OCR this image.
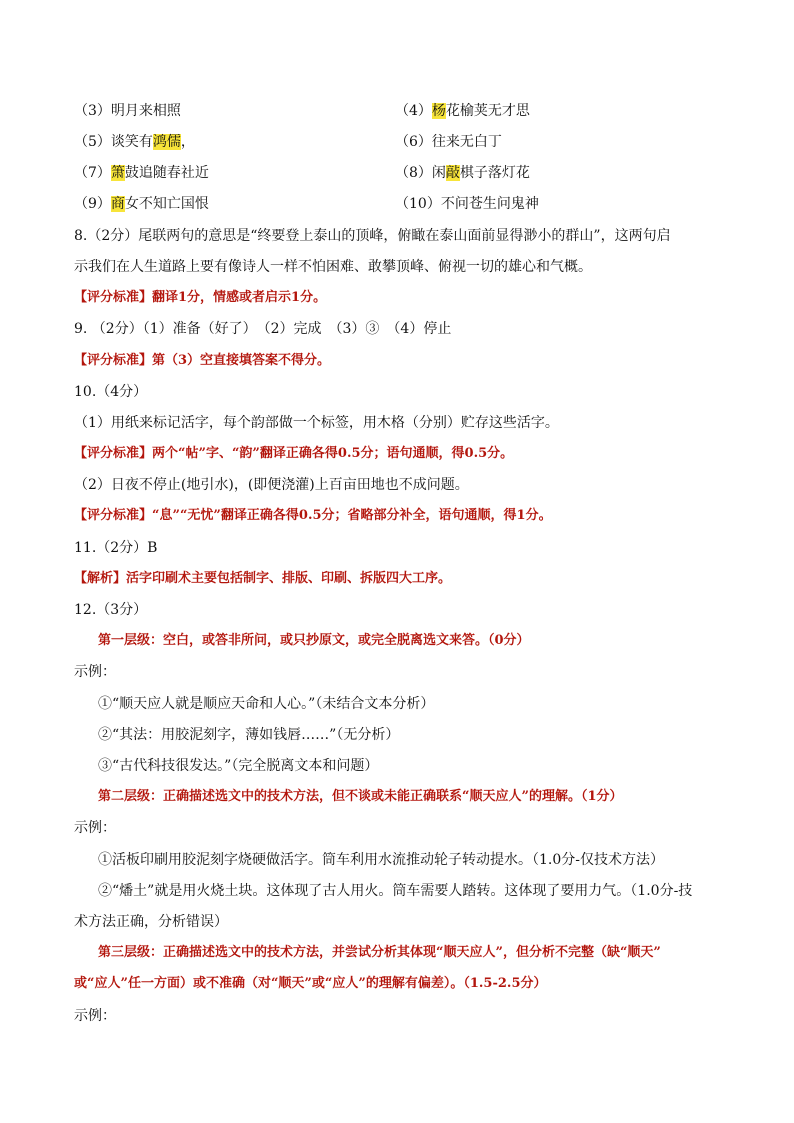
（3）明月来相照	（4）杨花榆荚无才思
（5）谈笑有鸿儒，	（6）往来无白丁
（7）箫鼓追随春社近	（8）闲敲棋子落灯花
（9）商女不知亡国恨	（10）不问苍生问鬼神
8.（2分）尾联两句的意思是“终要登上泰山的顶峰，俯瞰在泰山面前显得渺小的群山”，这两句启
示我们在人生道路上要有像诗人一样不怕困难、敢攀顶峰、俯视一切的雄心和气概。
【评分标准】翻译1分，情感或者启示1分。
9. （2分）（1）准备（好了）　（2）完成　（3）③　（4）停止
【评分标准】第（3）空直接填答案不得分。
10.（4分）
（1）用纸来标记活字，每个韵部做一个标签，用木格（分别）贮存这些活字。
【评分标准】两个“帖”字、“韵”翻译正确各得0.5分；语句通顺，得0.5分。
（2）日夜不停止(地引水)，(即便浇灌)上百亩田地也不成问题。
【评分标准】“息”“无忧”翻译正确各得0.5分；省略部分补全，语句通顺，得1分。
11.（2分）B
【解析】活字印刷术主要包括制字、排版、印刷、拆版四大工序。
12.（3分）
第一层级：空白，或答非所问，或只抄原文，或完全脱离选文来答。（0分）
示例：
①“顺天应人就是顺应天命和人心。”（未结合文本分析）
②“其法：用胶泥刻字，薄如钱唇……”（无分析）
③“古代科技很发达。”（完全脱离文本和问题）
第二层级：正确描述选文中的技术方法，但不谈或未能正确联系“顺天应人”的理解。（1分）
示例：
①活板印刷用胶泥刻字烧硬做活字。筒车利用水流推动轮子转动提水。（1.0分-仅技术方法）
②“燔土”就是用火烧土块。这体现了古人用火。筒车需要人踏转。这体现了要用力气。（1.0分-技
术方法正确，分析错误）
第三层级：正确描述选文中的技术方法，并尝试分析其体现“顺天应人”，但分析不完整（缺“顺天”
或“应人”任一方面）或不准确（对“顺天”或“应人”的理解有偏差）。（1.5-2.5分）
示例：
